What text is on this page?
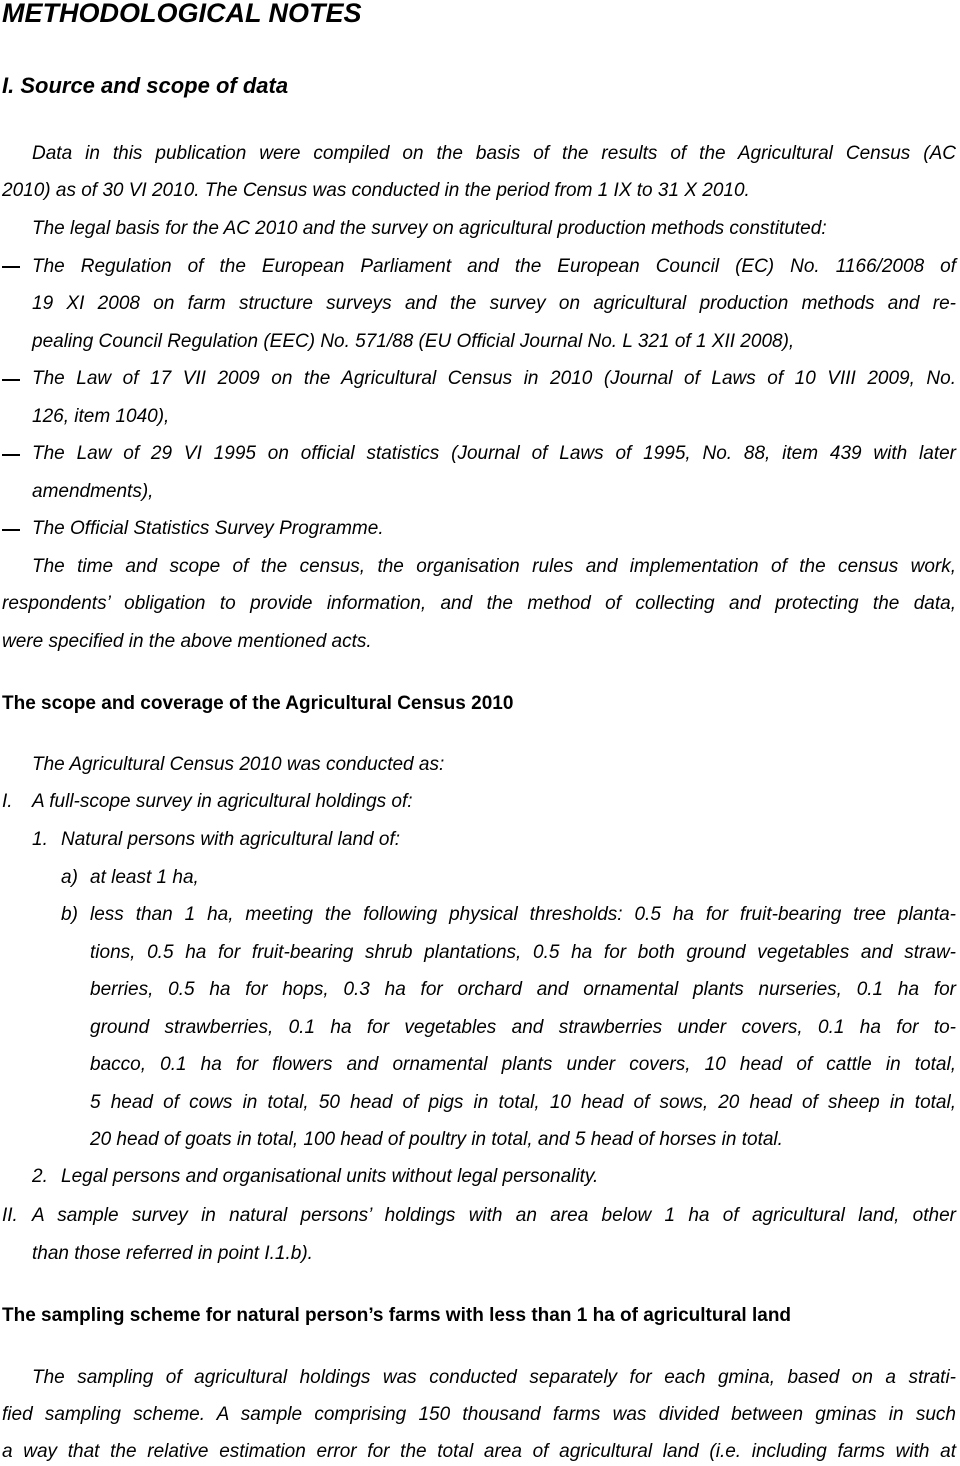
METHODOLOGICAL NOTES
I. Source and scope of data
Data in this publication were compiled on the basis of the results of the Agricultural Census (AC
2010) as of 30 VI 2010. The Census was conducted in the period from 1 IX to 31 X 2010.
The legal basis for the AC 2010 and the survey on agricultural production methods constituted:
The Regulation of the European Parliament and the European Council (EC) No. 1166/2008 of
19 XI 2008 on farm structure surveys and the survey on agricultural production methods and re-
pealing Council Regulation (EEC) No. 571/88 (EU Official Journal No. L 321 of 1 XII 2008),
The Law of 17 VII 2009 on the Agricultural Census in 2010 (Journal of Laws of 10 VIII 2009, No.
126, item 1040),
The Law of 29 VI 1995 on official statistics (Journal of Laws of 1995, No. 88, item 439 with later
amendments),
The Official Statistics Survey Programme.
The time and scope of the census, the organisation rules and implementation of the census work,
respondents’ obligation to provide information, and the method of collecting and protecting the data,
were specified in the above mentioned acts.
The scope and coverage of the Agricultural Census 2010
The Agricultural Census 2010 was conducted as:
I. A full-scope survey in agricultural holdings of:
1. Natural persons with agricultural land of:
a) at least 1 ha,
b) less than 1 ha, meeting the following physical thresholds: 0.5 ha for fruit-bearing tree planta-
tions, 0.5 ha for fruit-bearing shrub plantations, 0.5 ha for both ground vegetables and straw-
berries, 0.5 ha for hops, 0.3 ha for orchard and ornamental plants nurseries, 0.1 ha for
ground strawberries, 0.1 ha for vegetables and strawberries under covers, 0.1 ha for to-
bacco, 0.1 ha for flowers and ornamental plants under covers, 10 head of cattle in total,
5 head of cows in total, 50 head of pigs in total, 10 head of sows, 20 head of sheep in total,
20 head of goats in total, 100 head of poultry in total, and 5 head of horses in total.
2. Legal persons and organisational units without legal personality.
II. A sample survey in natural persons’ holdings with an area below 1 ha of agricultural land, other
than those referred in point I.1.b).
The sampling scheme for natural person’s farms with less than 1 ha of agricultural land
The sampling of agricultural holdings was conducted separately for each gmina, based on a strati-
fied sampling scheme. A sample comprising 150 thousand farms was divided between gminas in such
a way that the relative estimation error for the total area of agricultural land (i.e. including farms with at
